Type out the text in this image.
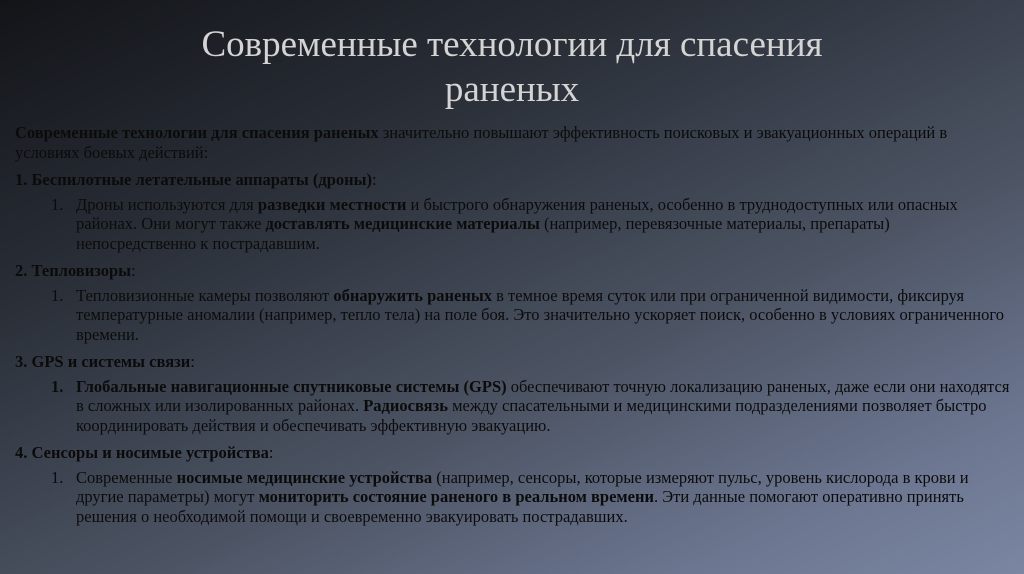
Современные технологии для спасения
раненых

Современные технологии для спасения раненых значительно повышают эффективность поисковых и эвакуационных операций в условиях боевых действий:

1. Беспилотные летательные аппараты (дроны):

1. Дроны используются для разведки местности и быстрого обнаружения раненых, особенно в труднодоступных или опасных районах. Они могут также доставлять медицинские материалы (например, перевязочные материалы, препараты) непосредственно к пострадавшим.

2. Тепловизоры:

1. Тепловизионные камеры позволяют обнаружить раненых в темное время суток или при ограниченной видимости, фиксируя температурные аномалии (например, тепло тела) на поле боя. Это значительно ускоряет поиск, особенно в условиях ограниченного времени.

3. GPS и системы связи:

1. Глобальные навигационные спутниковые системы (GPS) обеспечивают точную локализацию раненых, даже если они находятся в сложных или изолированных районах. Радиосвязь между спасательными и медицинскими подразделениями позволяет быстро координировать действия и обеспечивать эффективную эвакуацию.

4. Сенсоры и носимые устройства:

1. Современные носимые медицинские устройства (например, сенсоры, которые измеряют пульс, уровень кислорода в крови и другие параметры) могут мониторить состояние раненого в реальном времени. Эти данные помогают оперативно принять решения о необходимой помощи и своевременно эвакуировать пострадавших.
